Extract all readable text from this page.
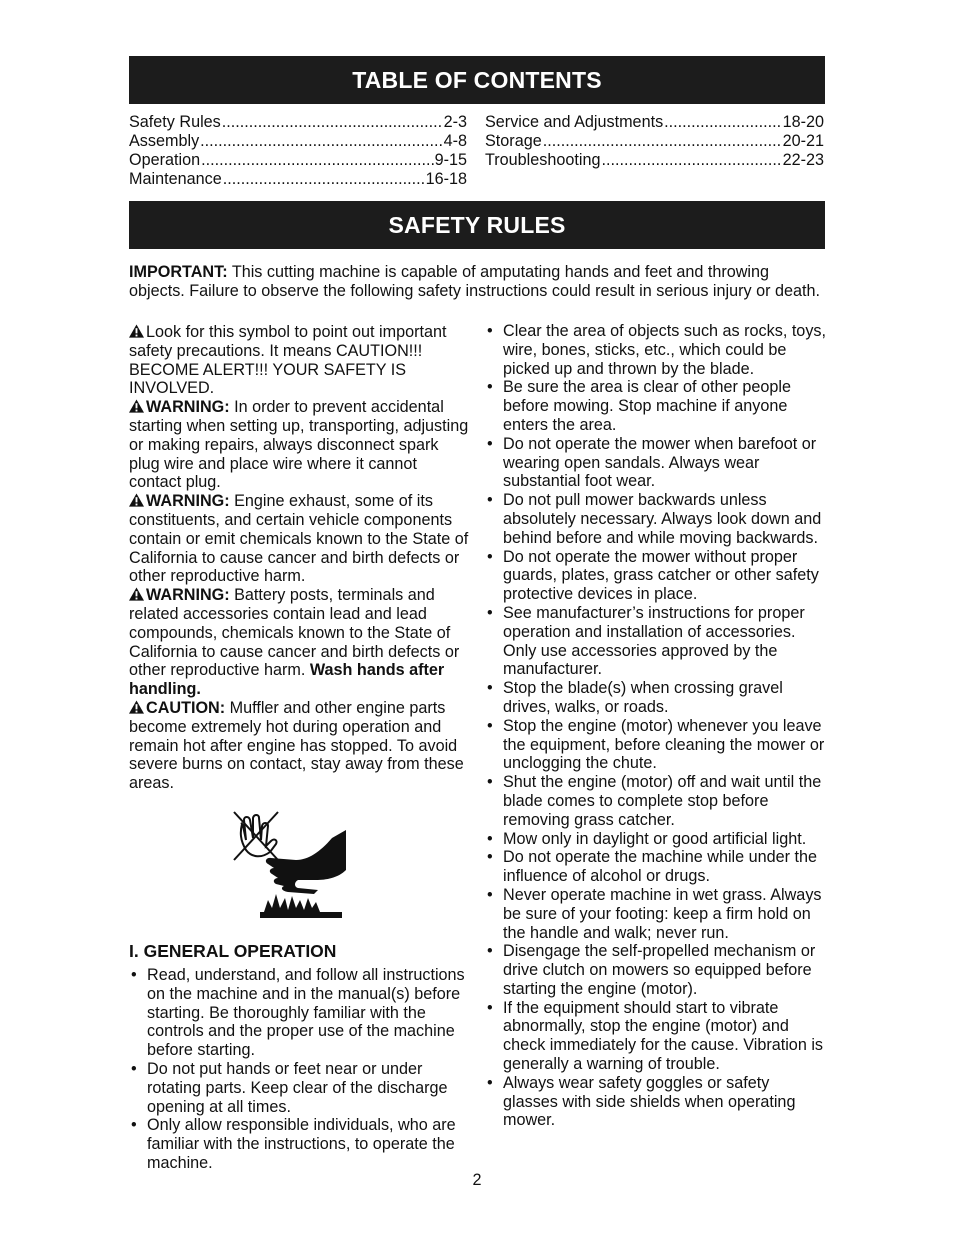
TABLE OF CONTENTS
Safety Rules .....	2-3
Assembly .....	4-8
Operation .....	9-15
Maintenance .....	16-18
Service and Adjustments .....	18-20
Storage .....	20-21
Troubleshooting .....	22-23
SAFETY RULES
IMPORTANT: This cutting machine is capable of amputating hands and feet and throwing objects. Failure to observe the following safety instructions could result in serious injury or death.

Look for this symbol to point out important safety precautions. It means CAUTION!!! BECOME ALERT!!! YOUR SAFETY IS INVOLVED.

WARNING: In order to prevent accidental starting when setting up, transporting, adjusting or making repairs, always disconnect spark plug wire and place wire where it cannot contact plug.

WARNING: Engine exhaust, some of its constituents, and certain vehicle components contain or emit chemicals known to the State of California to cause cancer and birth defects or other reproductive harm.

WARNING: Battery posts, terminals and related accessories contain lead and lead compounds, chemicals known to the State of California to cause cancer and birth defects or other reproductive harm. Wash hands after handling.

CAUTION: Muffler and other engine parts become extremely hot during operation and remain hot after engine has stopped. To avoid severe burns on contact, stay away from these areas.

I. GENERAL OPERATION
• Read, understand, and follow all instructions on the machine and in the manual(s) before starting. Be thoroughly familiar with the controls and the proper use of the machine before starting.
• Do not put hands or feet near or under rotating parts. Keep clear of the discharge opening at all times.
• Only allow responsible individuals, who are familiar with the instructions, to operate the machine.
• Clear the area of objects such as rocks, toys, wire, bones, sticks, etc., which could be picked up and thrown by the blade.
• Be sure the area is clear of other people before mowing. Stop machine if anyone enters the area.
• Do not operate the mower when barefoot or wearing open sandals. Always wear substantial foot wear.
• Do not pull mower backwards unless absolutely necessary. Always look down and behind before and while moving backwards.
• Do not operate the mower without proper guards, plates, grass catcher or other safety protective devices in place.
• See manufacturer’s instructions for proper operation and installation of accessories. Only use accessories approved by the manufacturer.
• Stop the blade(s) when crossing gravel drives, walks, or roads.
• Stop the engine (motor) whenever you leave the equipment, before cleaning the mower or unclogging the chute.
• Shut the engine (motor) off and wait until the blade comes to complete stop before removing grass catcher.
• Mow only in daylight or good artificial light.
• Do not operate the machine while under the influence of alcohol or drugs.
• Never operate machine in wet grass. Always be sure of your footing: keep a firm hold on the handle and walk; never run.
• Disengage the self-propelled mechanism or drive clutch on mowers so equipped before starting the engine (motor).
• If the equipment should start to vibrate abnormally, stop the engine (motor) and check immediately for the cause. Vibration is generally a warning of trouble.
• Always wear safety goggles or safety glasses with side shields when operating mower.
2
